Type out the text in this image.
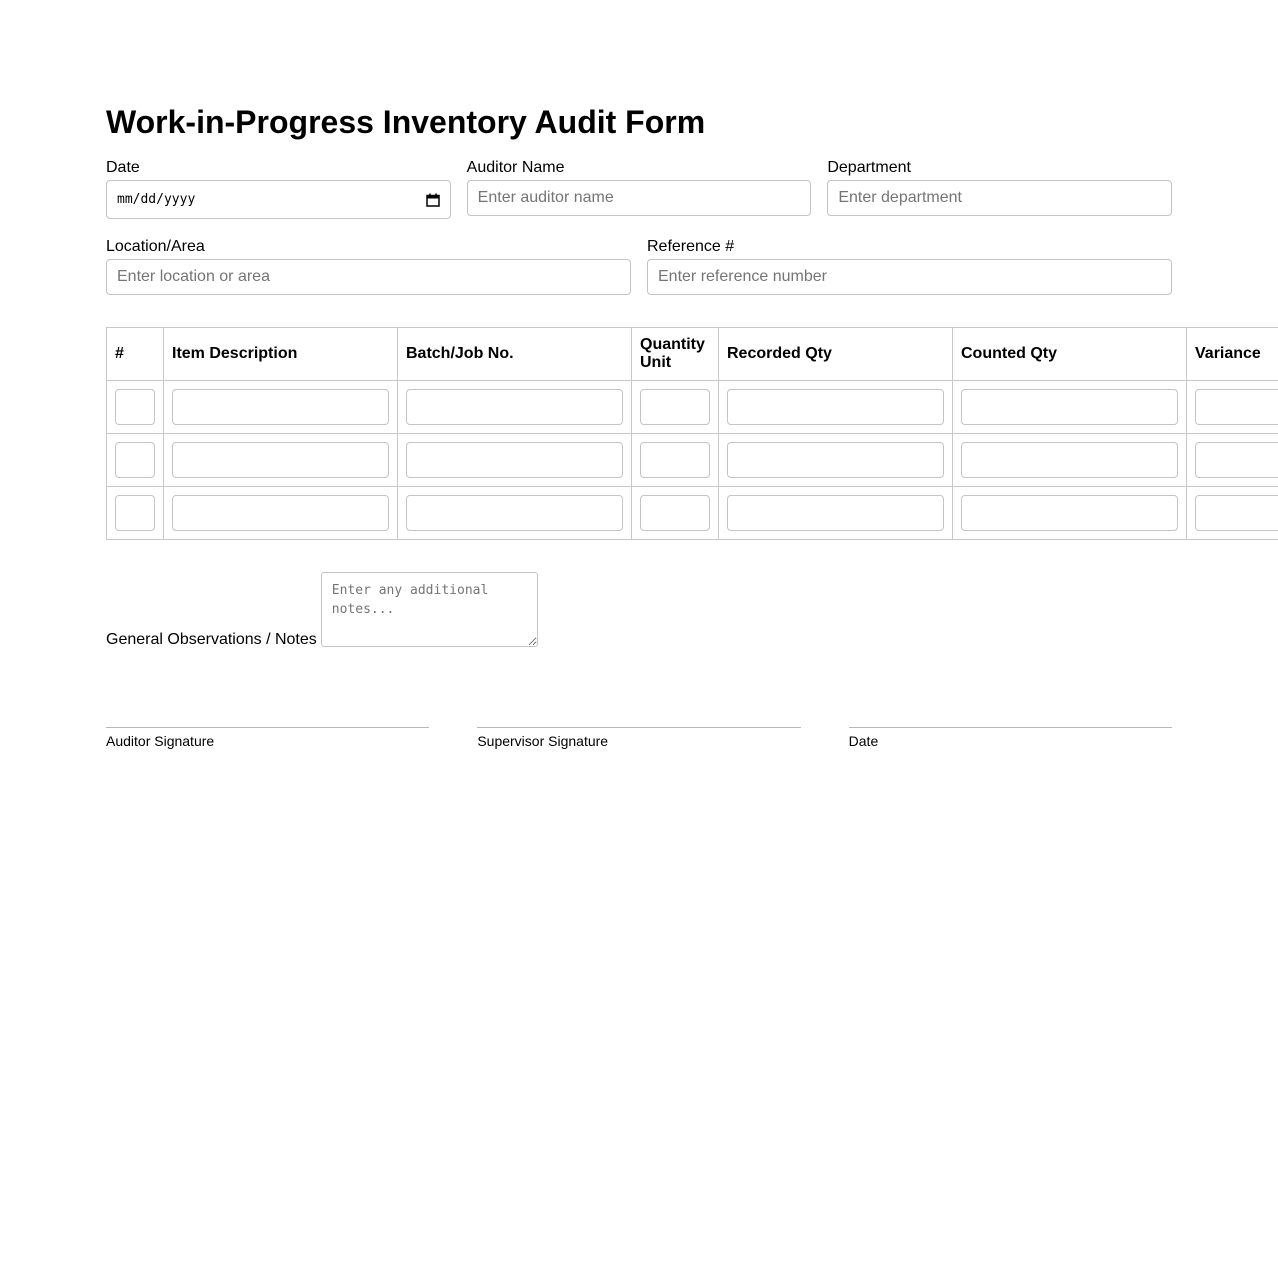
Work-in-Progress Inventory Audit Form
Date
mm/dd/yyyy
Auditor Name
Enter auditor name	Department
Enter department
Location/Area
Enter location or area	Reference #
Enter reference number
#	Item Description	Batch/Job No.	Quantity Unit	Recorded Qty	Counted Qty	Variance

General Observations / Notes
Enter any additional notes...
Auditor Signature	Supervisor Signature	Date
